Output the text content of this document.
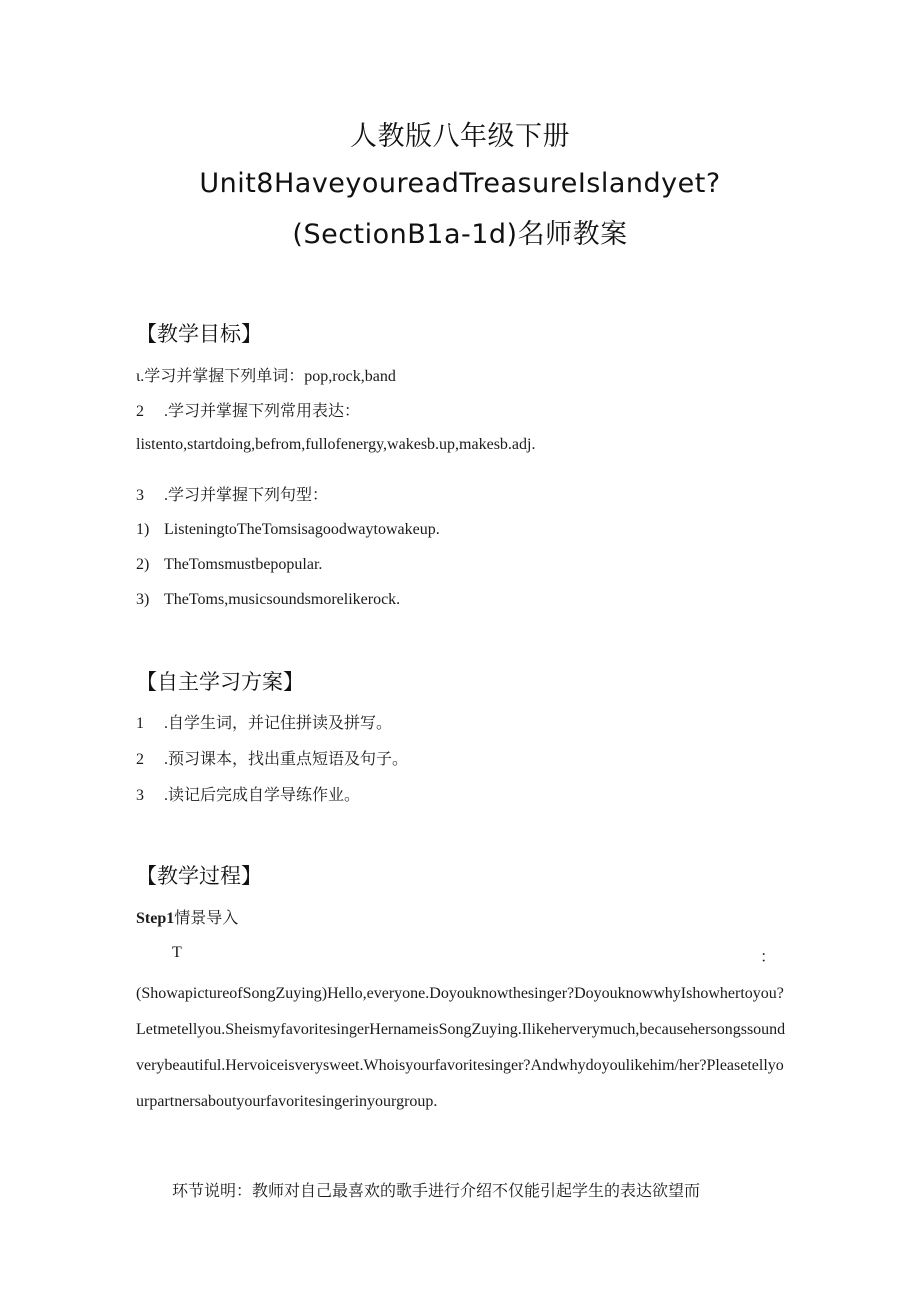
人教版八年级下册
Unit8HaveyoureadTreasureIslandyet?
(SectionB1a-1d)名师教案
【教学目标】
ι.学习并掌握下列单词：pop,rock,band
2 .学习并掌握下列常用表达：
listento,startdoing,befrom,fullofenergy,wakesb.up,makesb.adj.
3 .学习并掌握下列句型：
1) ListeningtoTheTomsisagoodwaytowakeup.
2) TheTomsmustbepopular.
3) TheToms,musicsoundsmorelikerock.
【自主学习方案】
1 .自学生词，并记住拼读及拼写。
2 .预习课本，找出重点短语及句子。
3 .读记后完成自学导练作业。
【教学过程】
Step1情景导入
T	：
(ShowapictureofSongZuying)Hello,everyone.Doyouknowthesinger?DoyouknowwhyIshowhertoyou?Letmetellyou.SheismyfavoritesingerHernameisSongZuying.Ilikeherverymuch,becausehersongssoundverybeautiful.Hervoiceisverysweet.Whoisyourfavoritesinger?Andwhydoyoulikehim/her?Pleasetellyourpartnersaboutyourfavoritesingerinyourgroup.
环节说明：教师对自己最喜欢的歌手进行介绍不仅能引起学生的表达欲望而
